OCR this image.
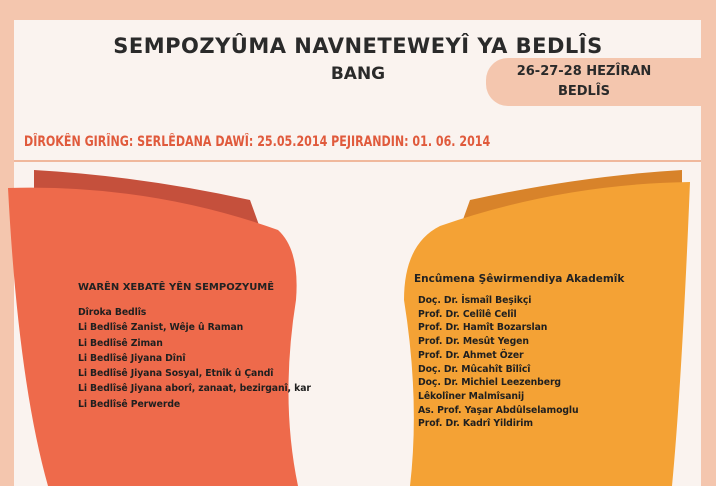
SEMPOZYÛMA NAVNETEWEYÎ YA BEDLÎS
BANG	26-27-28 HEZÎRAN
BEDLÎS
DÎROKÊN GIRÎNG: SERLÊDANA DAWÎ: 25.05.2014 PEJIRANDIN: 01. 06. 2014
WARÊN XEBATÊ YÊN SEMPOZYUMÊ
Dîroka Bedlîs
Li Bedlîsê Zanist, Wêje û Raman
Li Bedlîsê Ziman
Li Bedlîsê Jiyana Dînî
Li Bedlîsê Jiyana Sosyal, Etnîk û Çandî
Li Bedlîsê Jiyana aborî, zanaat, bezirganî, kar
Li Bedlîsê Perwerde
Encûmena Şêwirmendiya Akademîk
Doç. Dr. İsmaîl Beşikçi
Prof. Dr. Celîlê Celîl
Prof. Dr. Hamît Bozarslan
Prof. Dr. Mesût Yegen
Prof. Dr. Ahmet Özer
Doç. Dr. Mûcahît Bîlîcî
Doç. Dr. Michiel Leezenberg
Lêkolîner Malmîsanij
As. Prof. Yaşar Abdûlselamoglu
Prof. Dr. Kadrî Yildirim
